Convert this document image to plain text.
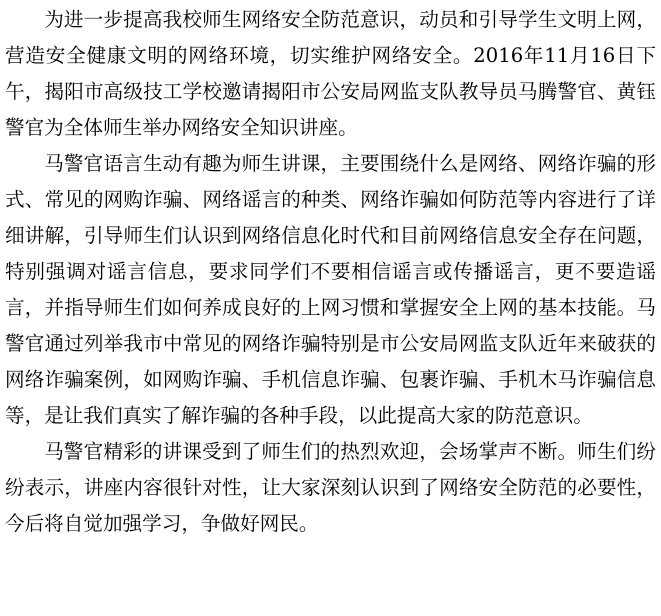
为进一步提高我校师生网络安全防范意识，动员和引导学生文明上网，营造安全健康文明的网络环境，切实维护网络安全。2016年11月16日下午，揭阳市高级技工学校邀请揭阳市公安局网监支队教导员马腾警官、黄钰警官为全体师生举办网络安全知识讲座。

马警官语言生动有趣为师生讲课，主要围绕什么是网络、网络诈骗的形式、常见的网购诈骗、网络谣言的种类、网络诈骗如何防范等内容进行了详细讲解，引导师生们认识到网络信息化时代和目前网络信息安全存在问题，特别强调对谣言信息，要求同学们不要相信谣言或传播谣言，更不要造谣言，并指导师生们如何养成良好的上网习惯和掌握安全上网的基本技能。马警官通过列举我市中常见的网络诈骗特别是市公安局网监支队近年来破获的网络诈骗案例，如网购诈骗、手机信息诈骗、包裹诈骗、手机木马诈骗信息等，是让我们真实了解诈骗的各种手段，以此提高大家的防范意识。

马警官精彩的讲课受到了师生们的热烈欢迎，会场掌声不断。师生们纷纷表示，讲座内容很针对性，让大家深刻认识到了网络安全防范的必要性，今后将自觉加强学习，争做好网民。
